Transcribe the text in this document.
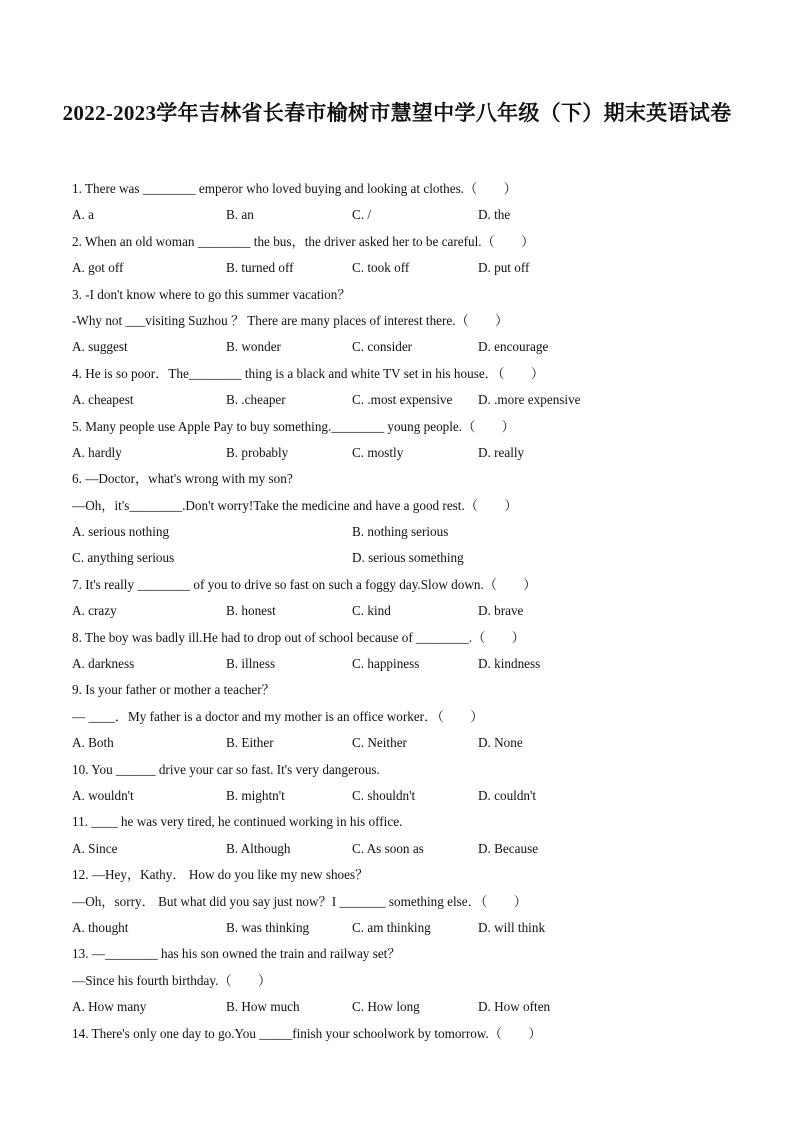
2022-2023学年吉林省长春市榆树市慧望中学八年级（下）期末英语试卷
1. There was ________ emperor who loved buying and looking at clothes.（　　）
A. a	B. an	C. /	D. the
2. When an old woman ________ the bus，the driver asked her to be careful.（　　）
A. got off	B. turned off	C. took off	D. put off
3. -I don't know where to go this summer vacation？
-Why not ___visiting Suzhou ？ There are many places of interest there.（　　）
A. suggest	B. wonder	C. consider	D. encourage
4. He is so poor．The________ thing is a black and white TV set in his house．（　　）
A. cheapest	B. .cheaper	C. .most expensive D. .more expensive
5. Many people use Apple Pay to buy something.________ young people.（　　）
A. hardly	B. probably	C. mostly	D. really
6. —Doctor，what's wrong with my son?
—Oh，it's________.Don't worry!Take the medicine and have a good rest.（　　）
A. serious nothing	B. nothing serious
C. anything serious	D. serious something
7. It's really ________ of you to drive so fast on such a foggy day.Slow down.（　　）
A. crazy	B. honest	C. kind	D. brave
8. The boy was badly ill.He had to drop out of school because of ________.（　　）
A. darkness	B. illness	C. happiness	D. kindness
9. Is your father or mother a teacher？
— ____．My father is a doctor and my mother is an office worker．（　　）
A. Both	B. Either	C. Neither	D. None
10. You ______ drive your car so fast. It's very dangerous.
A. wouldn't	B. mightn't	C. shouldn't	D. couldn't
11. ____ he was very tired, he continued working in his office.
A. Since	B. Although	C. As soon as	D. Because
12. —Hey，Kathy． How do you like my new shoes？
—Oh，sorry． But what did you say just now？I _______ something else．（　　）
A. thought	B. was thinking	C. am thinking	D. will think
13. —________ has his son owned the train and railway set？
—Since his fourth birthday.（　　）
A. How many	B. How much	C. How long	D. How often
14. There's only one day to go.You _____finish your schoolwork by tomorrow.（　　）
